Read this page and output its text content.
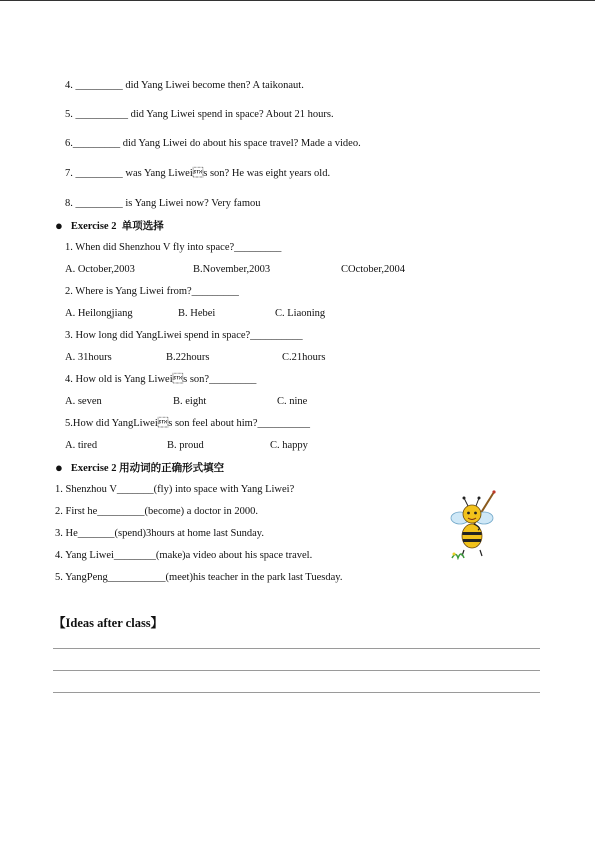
4. _________ did Yang Liwei become then? A taikonaut.
5. __________ did Yang Liwei spend in space? About 21 hours.
6._________ did Yang Liwei do about his space travel? Made a video.
7. _________ was Yang Liweis son? He was eight years old.
8. _________ is Yang Liwei now? Very famou
● Exercise 2 单项选择
1. When did Shenzhou V fly into space?_________
A. October,2003	B.November,2003	COctober,2004
2. Where is Yang Liwei from?_________
A. Heilongjiang	B. Hebei	C. Liaoning
3. How long did YangLiwei spend in space?__________
A. 31hours	B.22hours	C.21hours
4. How old is Yang Liweis son?_________
A. seven	B. eight	C. nine
5.How did YangLiweis son feel about him?__________
A. tired	B. proud	C. happy
● Exercise 2 用动词的正确形式填空
1. Shenzhou V_______(fly) into space with Yang Liwei?
2. First he_________(become) a doctor in 2000.
3. He_______(spend)3hours at home last Sunday.
4. Yang Liwei________(make)a video about his space travel.
5. YangPeng___________(meet)his teacher in the park last Tuesday.
【Ideas after class】
